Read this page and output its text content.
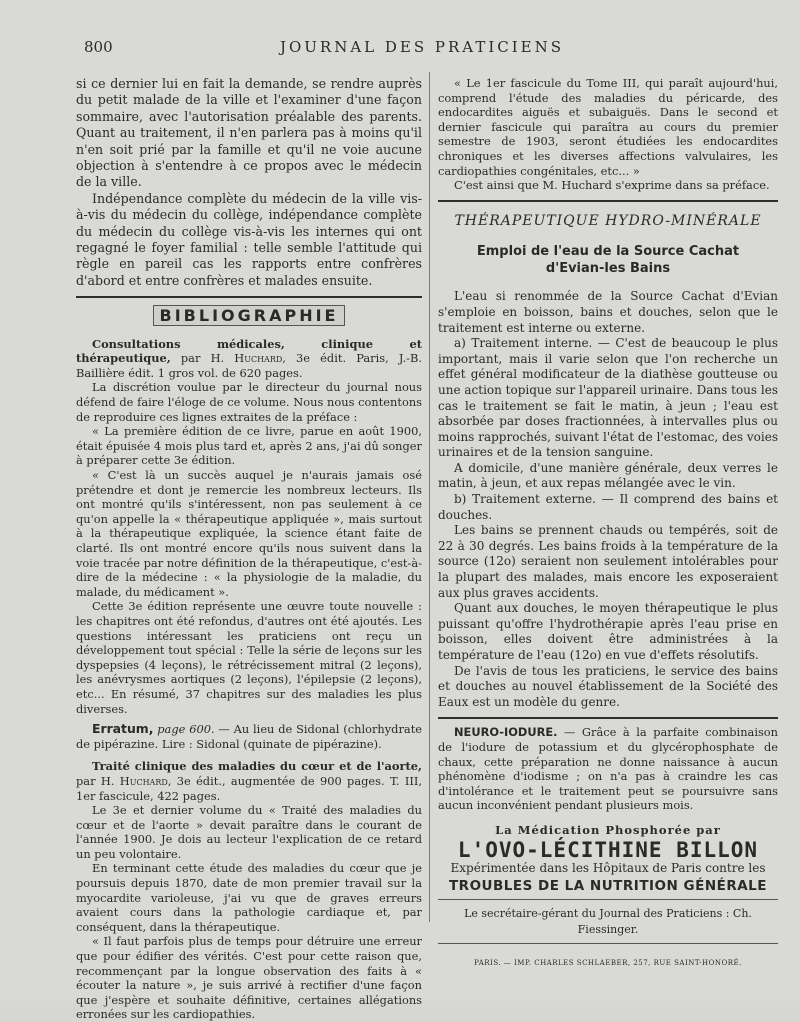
800	JOURNAL DES PRATICIENS

si ce dernier lui en fait la demande, se rendre auprès du petit malade de la ville et l'examiner d'une façon sommaire, avec l'autorisation préalable des parents. Quant au traitement, il n'en parlera pas à moins qu'il n'en soit prié par la famille et qu'il ne voie aucune objection à s'entendre à ce propos avec le médecin de la ville.

Indépendance complète du médecin de la ville vis-à-vis du médecin du collège, indépendance complète du médecin du collège vis-à-vis les internes qui ont regagné le foyer familial : telle semble l'attitude qui règle en pareil cas les rapports entre confrères d'abord et entre confrères et malades ensuite.

BIBLIOGRAPHIE

Consultations médicales, clinique et thérapeutique, par H. Huchard, 3e édit. Paris, J.-B. Baillière édit. 1 gros vol. de 620 pages.

La discrétion voulue par le directeur du journal nous défend de faire l'éloge de ce volume. Nous nous contentons de reproduire ces lignes extraites de la préface :

« La première édition de ce livre, parue en août 1900, était épuisée 4 mois plus tard et, après 2 ans, j'ai dû songer à préparer cette 3e édition.

« C'est là un succès auquel je n'aurais jamais osé prétendre et dont je remercie les nombreux lecteurs. Ils ont montré qu'ils s'intéressent, non pas seulement à ce qu'on appelle la « thérapeutique appliquée », mais surtout à la thérapeutique expliquée, la science étant faite de clarté. Ils ont montré encore qu'ils nous suivent dans la voie tracée par notre définition de la thérapeutique, c'est-à-dire de la médecine : « la physiologie de la maladie, du malade, du médicament ».

Cette 3e édition représente une œuvre toute nouvelle : les chapitres ont été refondus, d'autres ont été ajoutés. Les questions intéressant les praticiens ont reçu un développement tout spécial : Telle la série de leçons sur les dyspepsies (4 leçons), le rétrécissement mitral (2 leçons), les anévrysmes aortiques (2 leçons), l'épilepsie (2 leçons), etc... En résumé, 37 chapitres sur des maladies les plus diverses.

Erratum, page 600. — Au lieu de Sidonal (chlorhydrate de pipérazine. Lire : Sidonal (quinate de pipérazine).

Traité clinique des maladies du cœur et de l'aorte, par H. Huchard, 3e édit., augmentée de 900 pages. T. III, 1er fascicule, 422 pages.

Le 3e et dernier volume du « Traité des maladies du cœur et de l'aorte » devait paraître dans le courant de l'année 1900. Je dois au lecteur l'explication de ce retard un peu volontaire.

En terminant cette étude des maladies du cœur que je poursuis depuis 1870, date de mon premier travail sur la myocardite varioleuse, j'ai vu que de graves erreurs avaient cours dans la pathologie cardiaque et, par conséquent, dans la thérapeutique.

« Il faut parfois plus de temps pour détruire une erreur que pour édifier des vérités. C'est pour cette raison que, recommençant par la longue observation des faits à « écouter la nature », je suis arrivé à rectifier d'une façon que j'espère et souhaite définitive, certaines allégations erronées sur les cardiopathies.

« Le 1er fascicule du Tome III, qui paraît aujourd'hui, comprend l'étude des maladies du péricarde, des endocardites aiguës et subaiguës. Dans le second et dernier fascicule qui paraîtra au cours du premier semestre de 1903, seront étudiées les endocardites chroniques et les diverses affections valvulaires, les cardiopathies congénitales, etc... »

C'est ainsi que M. Huchard s'exprime dans sa préface.

THÉRAPEUTIQUE HYDRO-MINÉRALE
Emploi de l'eau de la Source Cachat
d'Evian-les Bains

L'eau si renommée de la Source Cachat d'Evian s'emploie en boisson, bains et douches, selon que le traitement est interne ou externe.

a) Traitement interne. — C'est de beaucoup le plus important, mais il varie selon que l'on recherche un effet général modificateur de la diathèse goutteuse ou une action topique sur l'appareil urinaire. Dans tous les cas le traitement se fait le matin, à jeun ; l'eau est absorbée par doses fractionnées, à intervalles plus ou moins rapprochés, suivant l'état de l'estomac, des voies urinaires et de la tension sanguine.

A domicile, d'une manière générale, deux verres le matin, à jeun, et aux repas mélangée avec le vin.

b) Traitement externe. — Il comprend des bains et douches.

Les bains se prennent chauds ou tempérés, soit de 22 à 30 degrés. Les bains froids à la température de la source (12o) seraient non seulement intolérables pour la plupart des malades, mais encore les exposeraient aux plus graves accidents.

Quant aux douches, le moyen thérapeutique le plus puissant qu'offre l'hydrothérapie après l'eau prise en boisson, elles doivent être administrées à la température de l'eau (12o) en vue d'effets résolutifs.

De l'avis de tous les praticiens, le service des bains et douches au nouvel établissement de la Société des Eaux est un modèle du genre.

NEURO-IODURE. — Grâce à la parfaite combinaison de l'iodure de potassium et du glycérophosphate de chaux, cette préparation ne donne naissance à aucun phénomène d'iodisme ; on n'a pas à craindre les cas d'intolérance et le traitement peut se poursuivre sans aucun inconvénient pendant plusieurs mois.

La Médication Phosphorée par
L'OVO-LÉCITHINE BILLON
Expérimentée dans les Hôpitaux de Paris contre les
TROUBLES DE LA NUTRITION GÉNÉRALE
Le secrétaire-gérant du Journal des Praticiens : Ch. Fiessinger.
PARIS. — IMP. CHARLES SCHLAEBER, 257, RUE SAINT-HONORÉ.
